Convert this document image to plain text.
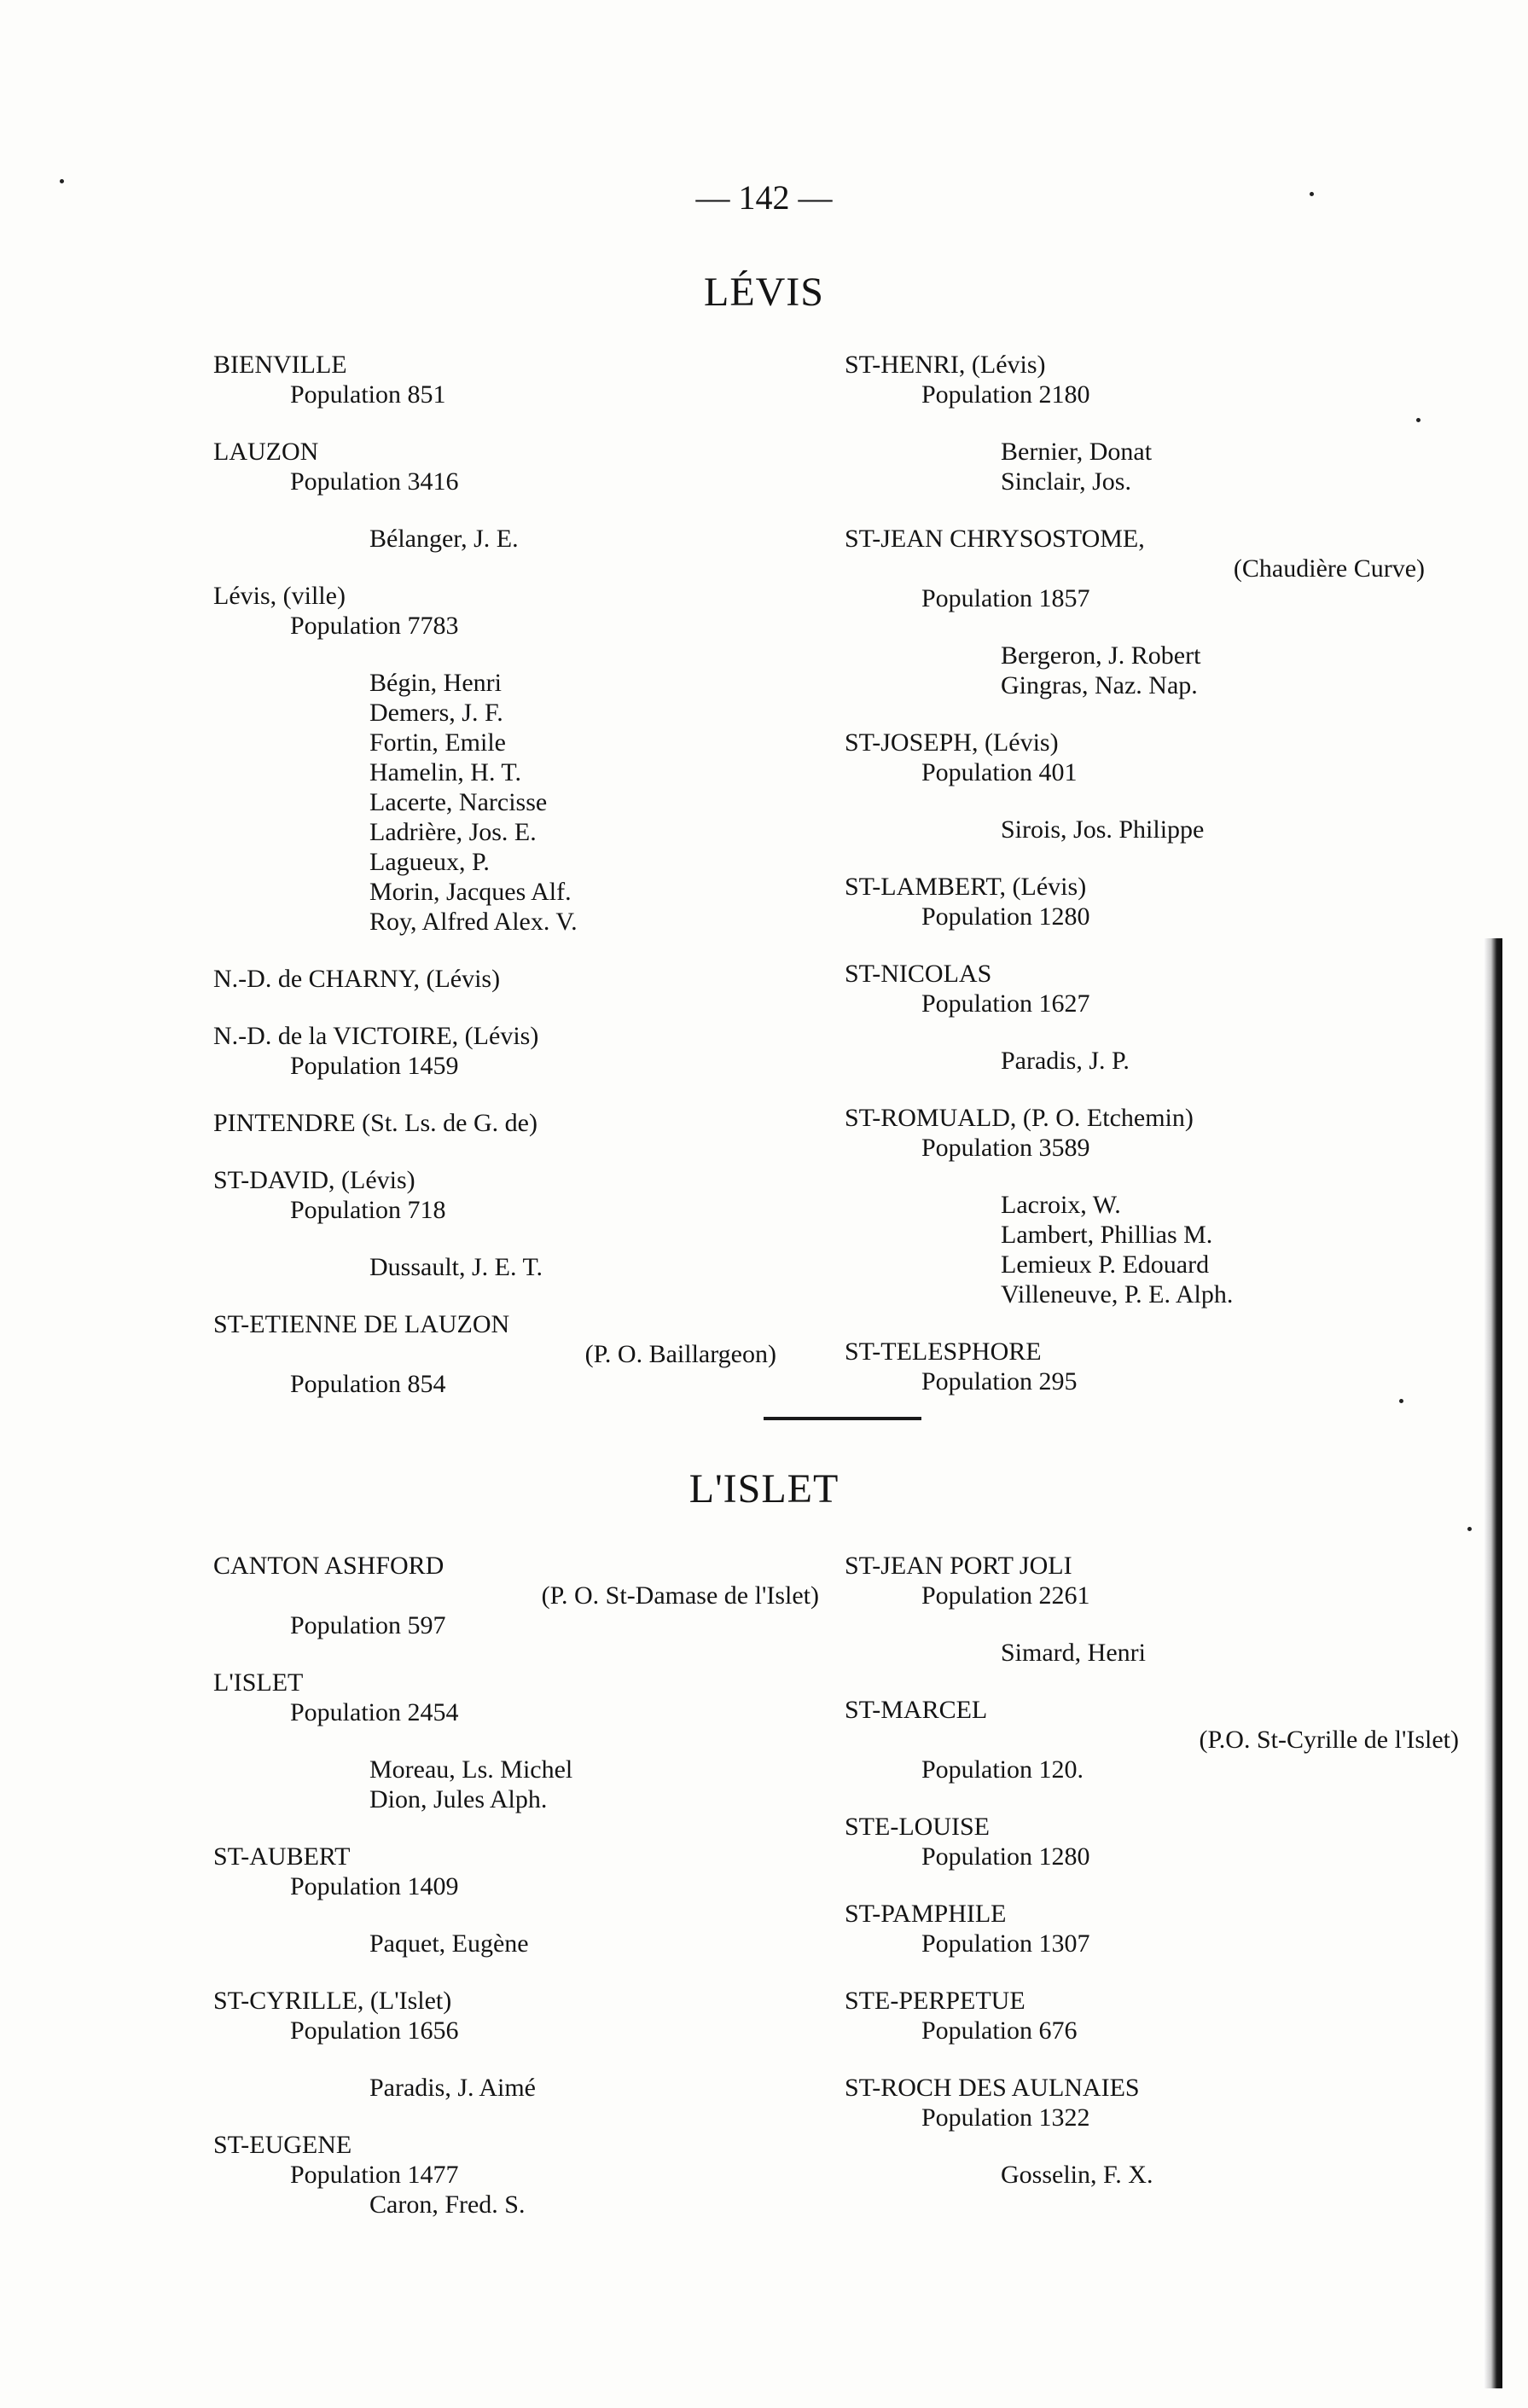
— 142 —
LÉVIS
BIENVILLE
Population 851
LAUZON
Population 3416
Bélanger, J. E.
Lévis, (ville)
Population 7783
Bégin, Henri
Demers, J. F.
Fortin, Emile
Hamelin, H. T.
Lacerte, Narcisse
Ladrière, Jos. E.
Lagueux, P.
Morin, Jacques Alf.
Roy, Alfred Alex. V.
N.-D. de CHARNY, (Lévis)
N.-D. de la VICTOIRE, (Lévis)
Population 1459
PINTENDRE (St. Ls. de G. de)
ST-DAVID, (Lévis)
Population 718
Dussault, J. E. T.
ST-ETIENNE DE LAUZON
(P. O. Baillargeon)
Population 854
ST-HENRI, (Lévis)
Population 2180
Bernier, Donat
Sinclair, Jos.
ST-JEAN CHRYSOSTOME,
(Chaudière Curve)
Population 1857
Bergeron, J. Robert
Gingras, Naz. Nap.
ST-JOSEPH, (Lévis)
Population 401
Sirois, Jos. Philippe
ST-LAMBERT, (Lévis)
Population 1280
ST-NICOLAS
Population 1627
Paradis, J. P.
ST-ROMUALD, (P. O. Etchemin)
Population 3589
Lacroix, W.
Lambert, Phillias M.
Lemieux P. Edouard
Villeneuve, P. E. Alph.
ST-TELESPHORE
Population 295
L'ISLET
CANTON ASHFORD
(P. O. St-Damase de l'Islet)
Population 597
L'ISLET
Population 2454
Moreau, Ls. Michel
Dion, Jules Alph.
ST-AUBERT
Population 1409
Paquet, Eugène
ST-CYRILLE, (L'Islet)
Population 1656
Paradis, J. Aimé
ST-EUGENE
Population 1477
Caron, Fred. S.
ST-JEAN PORT JOLI
Population 2261
Simard, Henri
ST-MARCEL
(P.O. St-Cyrille de l'Islet)
Population 120.
STE-LOUISE
Population 1280
ST-PAMPHILE
Population 1307
STE-PERPETUE
Population 676
ST-ROCH DES AULNAIES
Population 1322
Gosselin, F. X.
